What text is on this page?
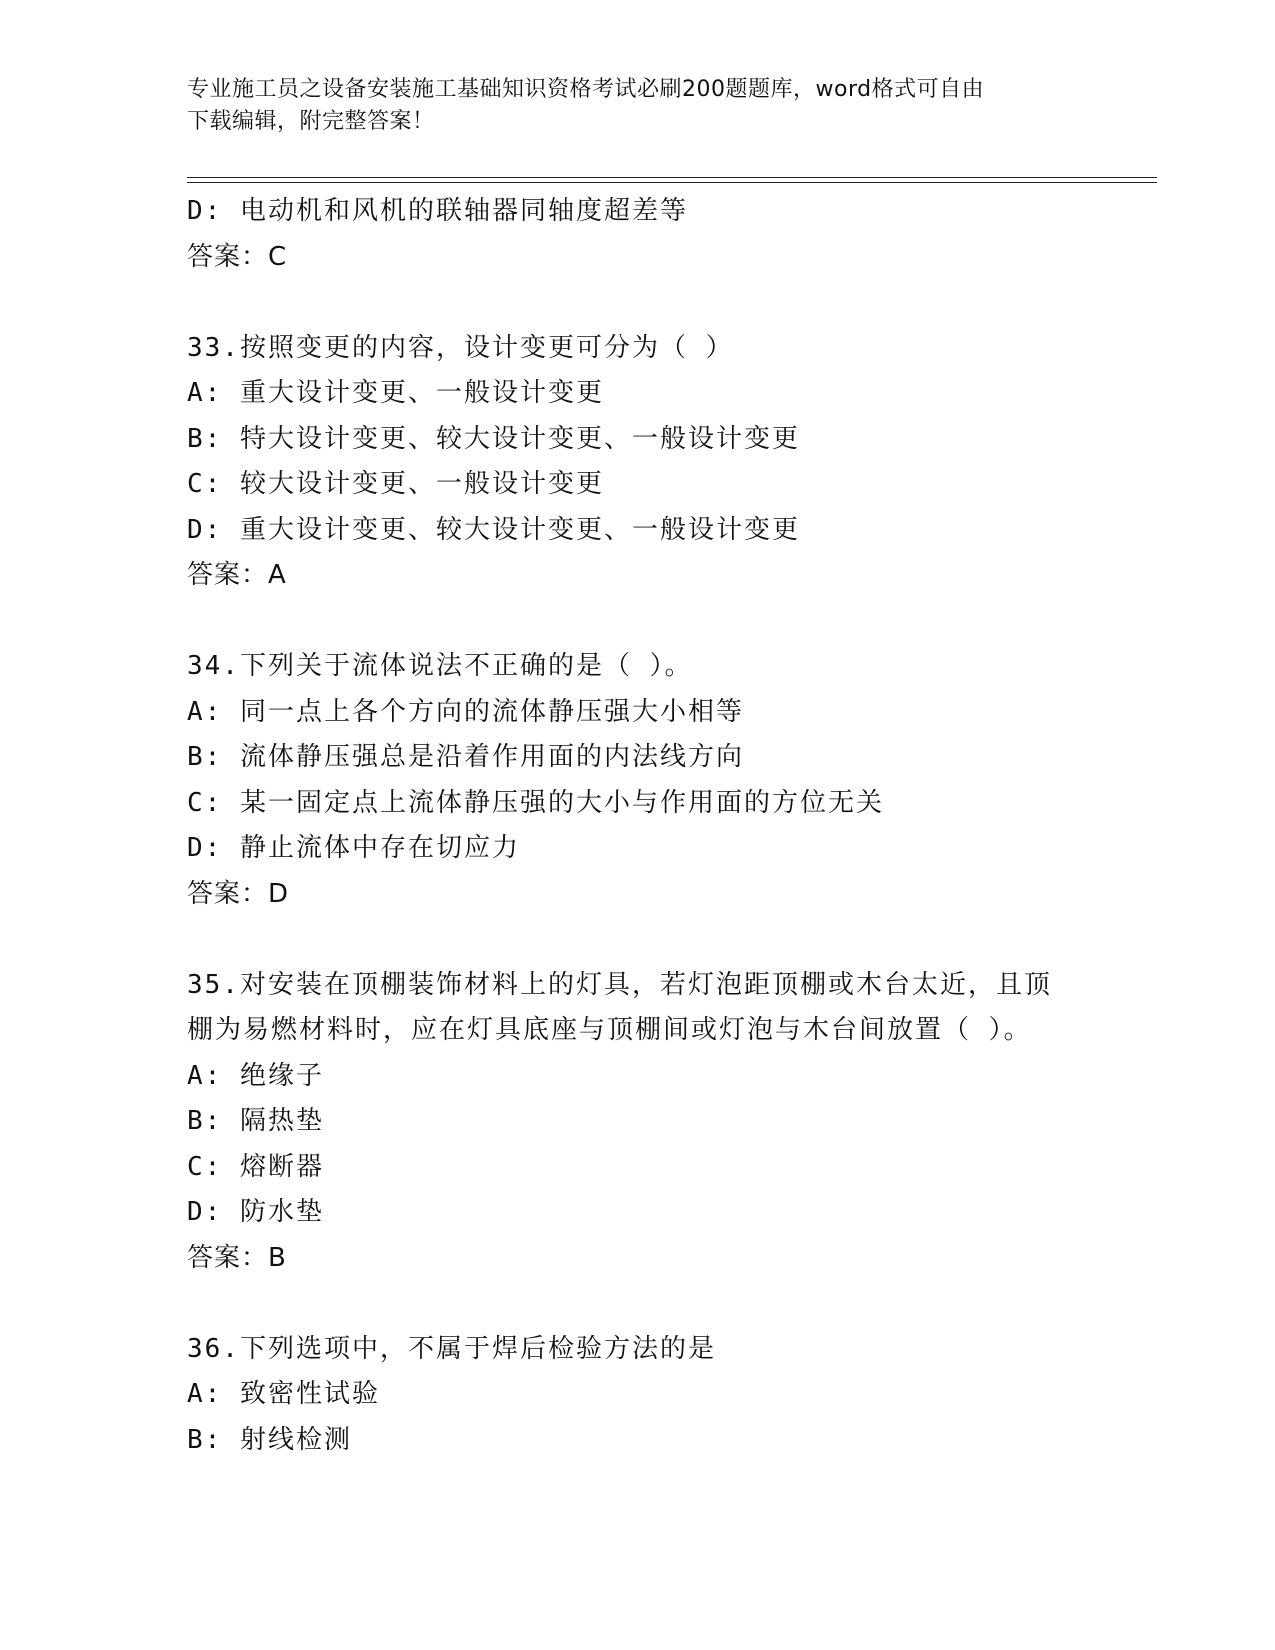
专业施工员之设备安装施工基础知识资格考试必刷200题题库，word格式可自由
下载编辑，附完整答案！
D: 电动机和风机的联轴器同轴度超差等
答案：C
33.按照变更的内容，设计变更可分为（ ）
A: 重大设计变更、一般设计变更
B: 特大设计变更、较大设计变更、一般设计变更
C: 较大设计变更、一般设计变更
D: 重大设计变更、较大设计变更、一般设计变更
答案：A
34.下列关于流体说法不正确的是（ ）。
A: 同一点上各个方向的流体静压强大小相等
B: 流体静压强总是沿着作用面的内法线方向
C: 某一固定点上流体静压强的大小与作用面的方位无关
D: 静止流体中存在切应力
答案：D
35.对安装在顶棚装饰材料上的灯具，若灯泡距顶棚或木台太近，且顶
棚为易燃材料时，应在灯具底座与顶棚间或灯泡与木台间放置（ ）。
A: 绝缘子
B: 隔热垫
C: 熔断器
D: 防水垫
答案：B
36.下列选项中，不属于焊后检验方法的是
A: 致密性试验
B: 射线检测
